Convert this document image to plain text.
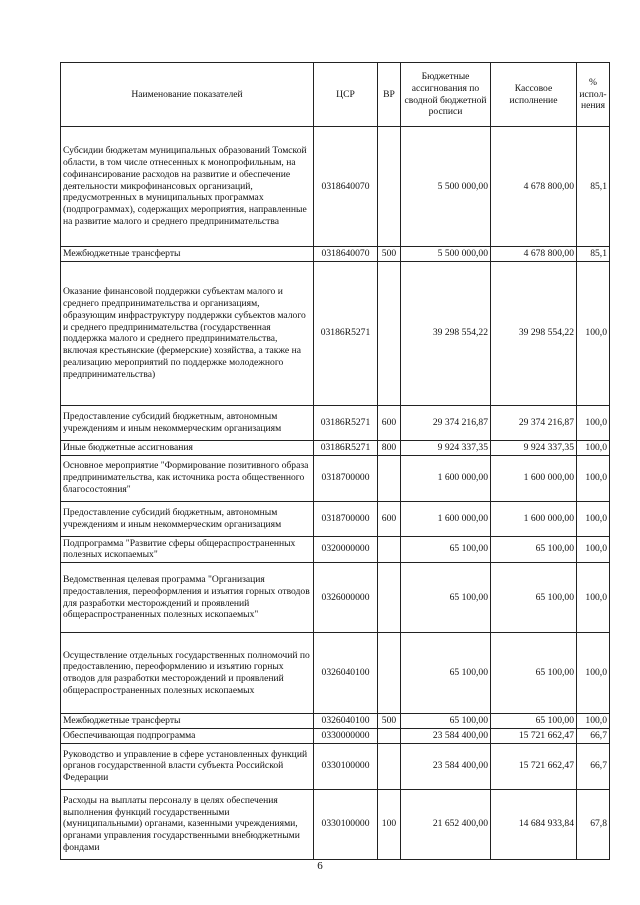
Наименование показателей	ЦСР	ВР	Бюджетные ассигнования по сводной бюджетной росписи	Кассовое исполнение	% испол-нения
Субсидии бюджетам муниципальных образований Томской области, в том числе отнесенных к монопрофильным, на софинансирование расходов на развитие и обеспечение деятельности микрофинансовых организаций, предусмотренных в муниципальных программах (подпрограммах), содержащих мероприятия, направленные на развитие малого и среднего предпринимательства	0318640070		5 500 000,00	4 678 800,00	85,1
Межбюджетные трансферты	0318640070	500	5 500 000,00	4 678 800,00	85,1
Оказание финансовой поддержки субъектам малого и среднего предпринимательства и организациям, образующим инфраструктуру поддержки субъектов малого и среднего предпринимательства (государственная поддержка малого и среднего предпринимательства, включая крестьянские (фермерские) хозяйства, а также на реализацию мероприятий по поддержке молодежного предпринимательства)	03186R5271		39 298 554,22	39 298 554,22	100,0
Предоставление субсидий бюджетным, автономным учреждениям и иным некоммерческим организациям	03186R5271	600	29 374 216,87	29 374 216,87	100,0
Иные бюджетные ассигнования	03186R5271	800	9 924 337,35	9 924 337,35	100,0
Основное мероприятие "Формирование позитивного образа предпринимательства, как источника роста общественного благосостояния"	0318700000		1 600 000,00	1 600 000,00	100,0
Предоставление субсидий бюджетным, автономным учреждениям и иным некоммерческим организациям	0318700000	600	1 600 000,00	1 600 000,00	100,0
Подпрограмма "Развитие сферы общераспространенных полезных ископаемых"	0320000000		65 100,00	65 100,00	100,0
Ведомственная целевая программа "Организация предоставления, переоформления и изъятия горных отводов для разработки месторождений и проявлений общераспространенных полезных ископаемых"	0326000000		65 100,00	65 100,00	100,0
Осуществление отдельных государственных полномочий по предоставлению, переоформлению и изъятию горных отводов для разработки месторождений и проявлений общераспространенных полезных ископаемых	0326040100		65 100,00	65 100,00	100,0
Межбюджетные трансферты	0326040100	500	65 100,00	65 100,00	100,0
Обеспечивающая подпрограмма	0330000000		23 584 400,00	15 721 662,47	66,7
Руководство и управление в сфере установленных функций органов государственной власти субъекта Российской Федерации	0330100000		23 584 400,00	15 721 662,47	66,7
Расходы на выплаты персоналу в целях обеспечения выполнения функций государственными (муниципальными) органами, казенными учреждениями, органами управления государственными внебюджетными фондами	0330100000	100	21 652 400,00	14 684 933,84	67,8
6
